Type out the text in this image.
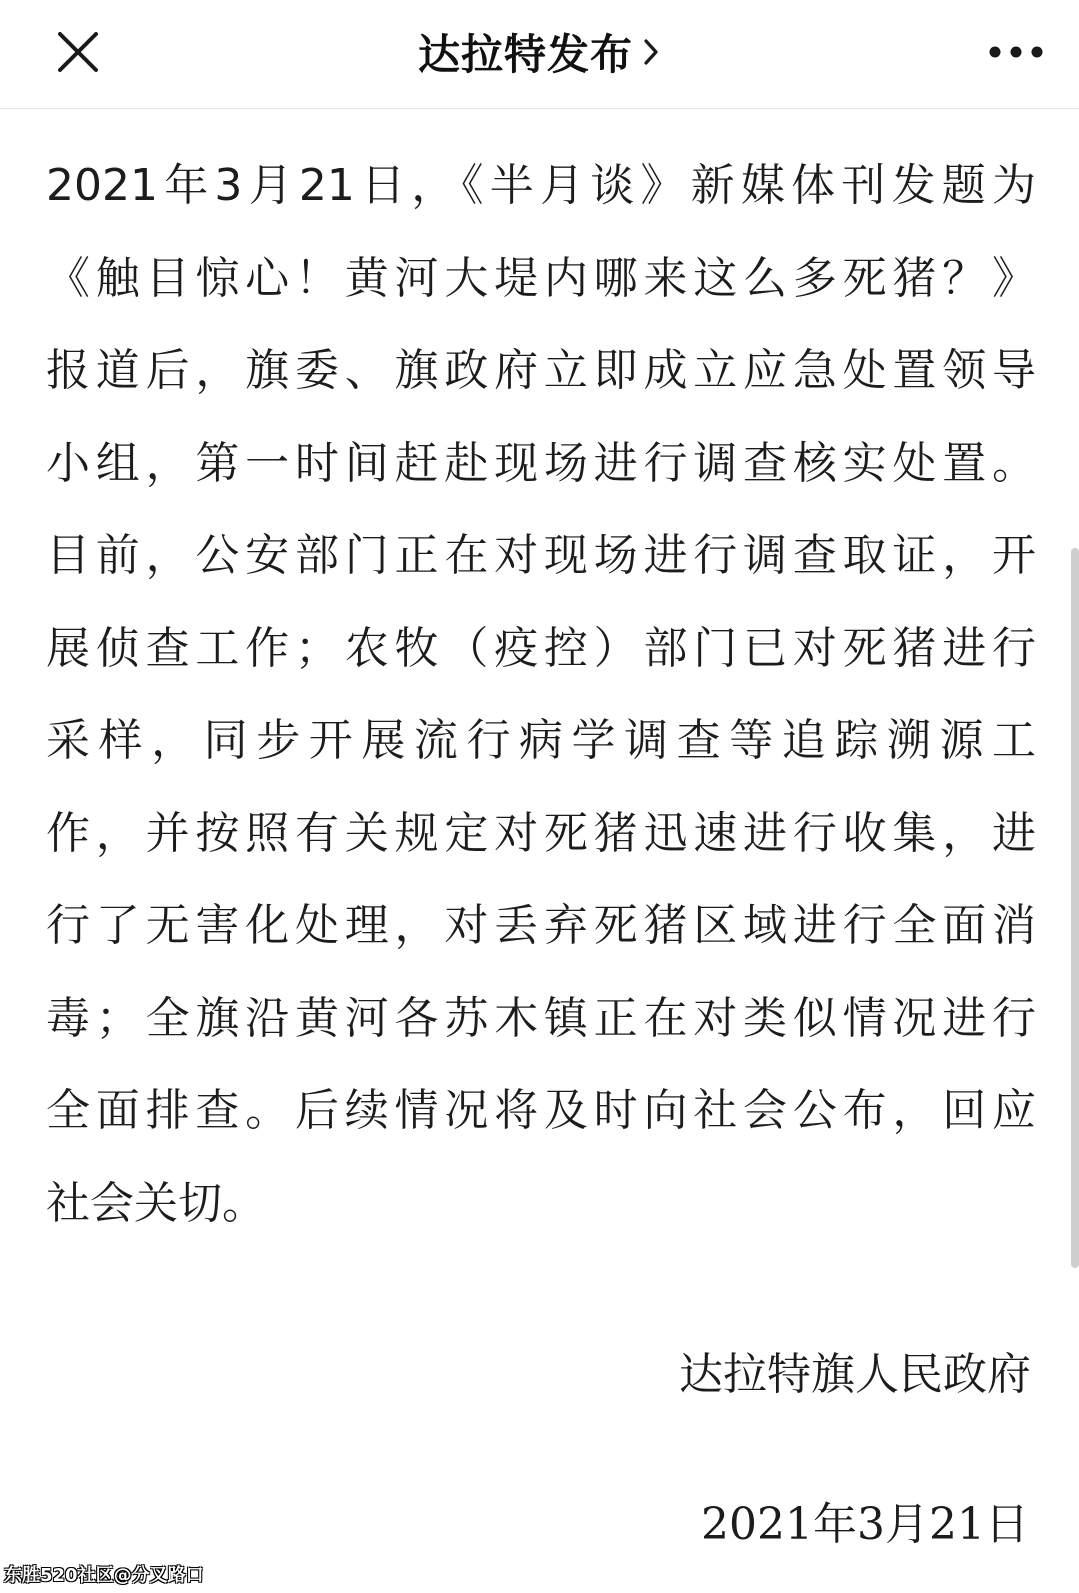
达拉特发布
2021年3月21日，《半月谈》新媒体刊发题为
《触目惊心！黄河大堤内哪来这么多死猪？》
报道后，旗委、旗政府立即成立应急处置领导
小组，第一时间赶赴现场进行调查核实处置。
目前，公安部门正在对现场进行调查取证，开
展侦查工作；农牧（疫控）部门已对死猪进行
采样，同步开展流行病学调查等追踪溯源工
作，并按照有关规定对死猪迅速进行收集，进
行了无害化处理，对丢弃死猪区域进行全面消
毒；全旗沿黄河各苏木镇正在对类似情况进行
全面排查。后续情况将及时向社会公布，回应
社会关切。
达拉特旗人民政府
2021年3月21日
东胜520社区@分叉路口
